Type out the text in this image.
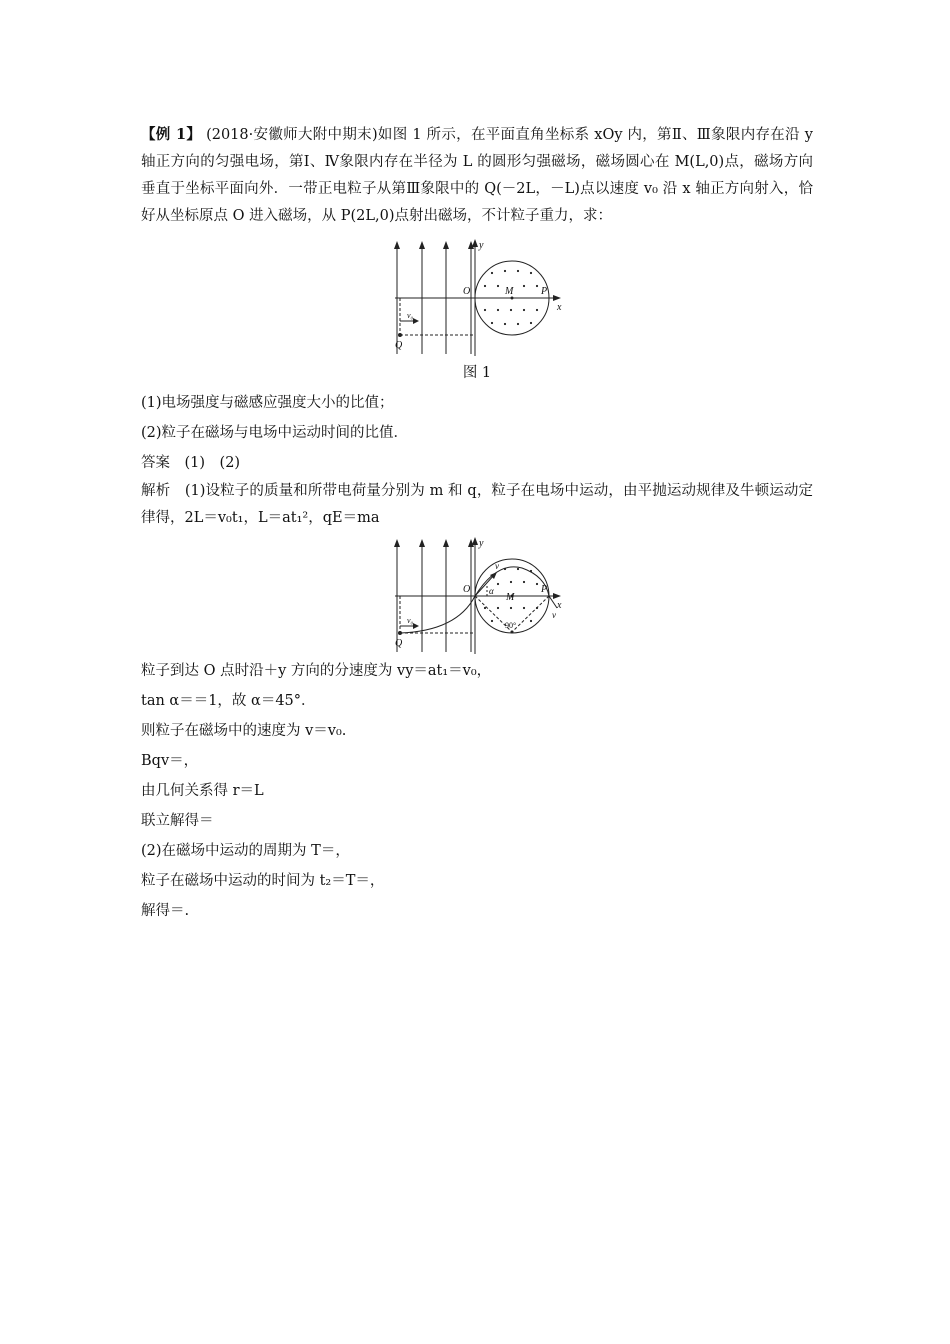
【例 1】 (2018·安徽师大附中期末)如图 1 所示，在平面直角坐标系 xOy 内，第Ⅱ、Ⅲ象限内存在沿 y 轴正方向的匀强电场，第Ⅰ、Ⅳ象限内存在半径为 L 的圆形匀强磁场，磁场圆心在 M(L,0)点，磁场方向垂直于坐标平面向外．一带正电粒子从第Ⅲ象限中的 Q(－2L，－L)点以速度 v₀ 沿 x 轴正方向射入，恰好从坐标原点 O 进入磁场，从 P(2L,0)点射出磁场，不计粒子重力，求：
y
x
O	M	P
Q
v₀
图 1
(1)电场强度与磁感应强度大小的比值；
(2)粒子在磁场与电场中运动时间的比值．
答案　(1)　(2)
解析　(1)设粒子的质量和所带电荷量分别为 m 和 q，粒子在电场中运动，由平抛运动规律及牛顿运动定律得，2L＝v₀t₁，L＝at₁²，qE＝ma
y
x
O
M
P
Q
v₀
v
v
α
90°
粒子到达 O 点时沿＋y 方向的分速度为 vy＝at₁＝v₀，
tan α＝＝1，故 α＝45°．
则粒子在磁场中的速度为 v＝v₀.
Bqv＝，
由几何关系得 r＝L
联立解得＝
(2)在磁场中运动的周期为 T＝，
粒子在磁场中运动的时间为 t₂＝T＝，
解得＝.
